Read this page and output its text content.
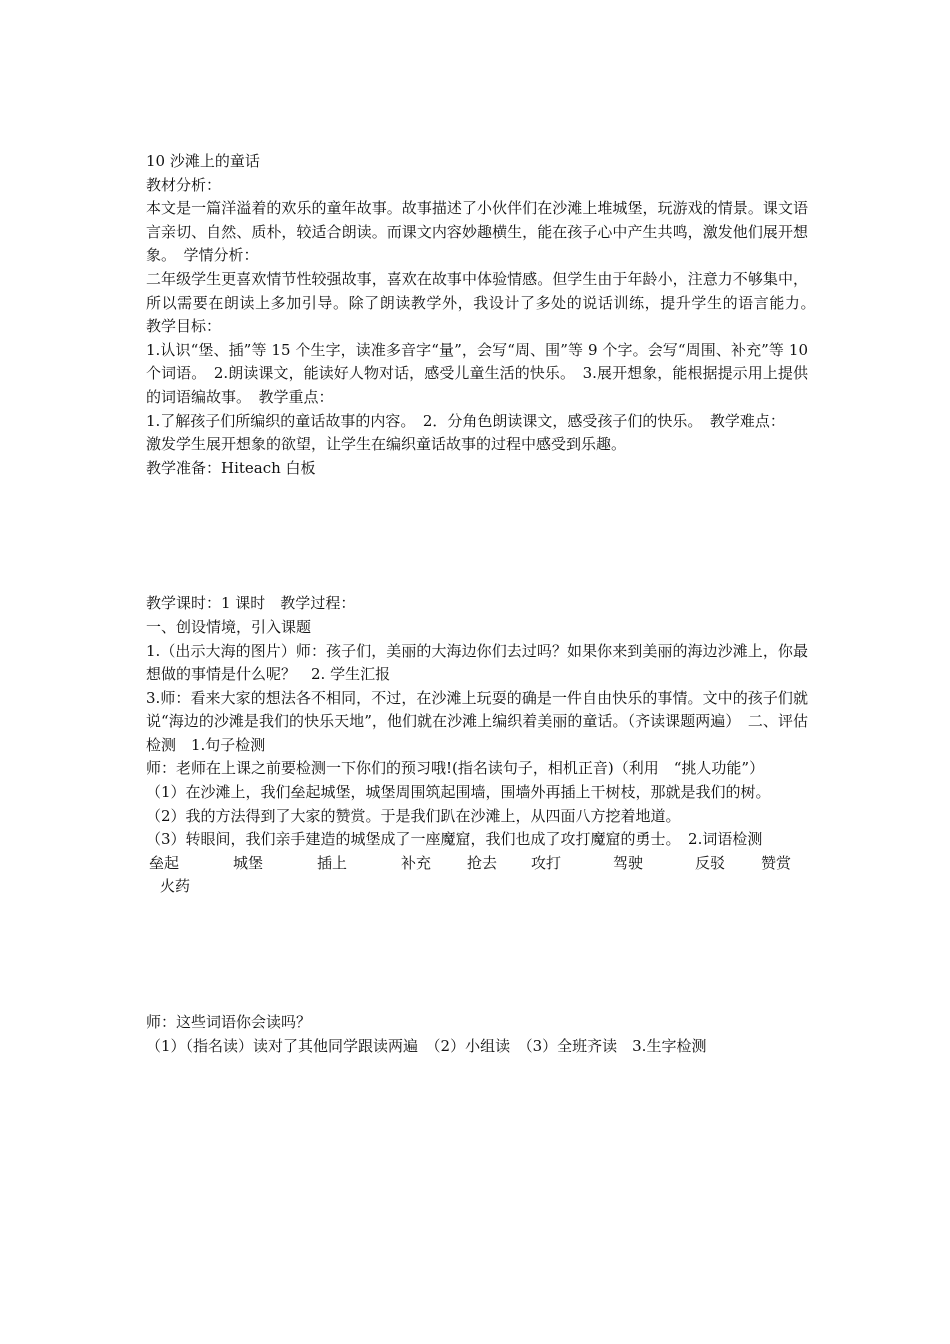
10 沙滩上的童话
教材分析：
本文是一篇洋溢着的欢乐的童年故事。故事描述了小伙伴们在沙滩上堆城堡，玩游戏的情景。课文语言亲切、自然、质朴，较适合朗读。而课文内容妙趣横生，能在孩子心中产生共鸣，激发他们展开想象。　学情分析：
二年级学生更喜欢情节性较强故事，喜欢在故事中体验情感。但学生由于年龄小，注意力不够集中，所以需要在朗读上多加引导。除了朗读教学外，我设计了多处的说话训练，提升学生的语言能力。　教学目标：
1.认识“堡、插”等 15 个生字，读准多音字“量”，会写“周、围”等 9 个字。会写“周围、补充”等 10 个词语。　2.朗读课文，能读好人物对话，感受儿童生活的快乐。　3.展开想象，能根据提示用上提供的词语编故事。　教学重点：
1.了解孩子们所编织的童话故事的内容。　2．分角色朗读课文，感受孩子们的快乐。　教学难点：
激发学生展开想象的欲望，让学生在编织童话故事的过程中感受到乐趣。
教学准备：Hiteach 白板
教学课时：1 课时　教学过程：
一、创设情境，引入课题
1.（出示大海的图片）师：孩子们，美丽的大海边你们去过吗？如果你来到美丽的海边沙滩上，你最想做的事情是什么呢？　2. 学生汇报
3.师：看来大家的想法各不相同，不过，在沙滩上玩耍的确是一件自由快乐的事情。文中的孩子们就说“海边的沙滩是我们的快乐天地”，他们就在沙滩上编织着美丽的童话。（齐读课题两遍）　二、评估检测　1.句子检测
师：老师在上课之前要检测一下你们的预习哦!(指名读句子，相机正音)（利用　“挑人功能”）
（1）在沙滩上，我们垒起城堡，城堡周围筑起围墙，围墙外再插上干树枝，那就是我们的树。
（2）我的方法得到了大家的赞赏。于是我们趴在沙滩上，从四面八方挖着地道。
（3）转眼间，我们亲手建造的城堡成了一座魔窟，我们也成了攻打魔窟的勇士。　2.词语检测
垒起	城堡	插上	补充	抢去	攻打	驾驶	反驳	赞赏
火药
师：这些词语你会读吗？
（1）（指名读）读对了其他同学跟读两遍　（2）小组读　（3）全班齐读　3.生字检测
